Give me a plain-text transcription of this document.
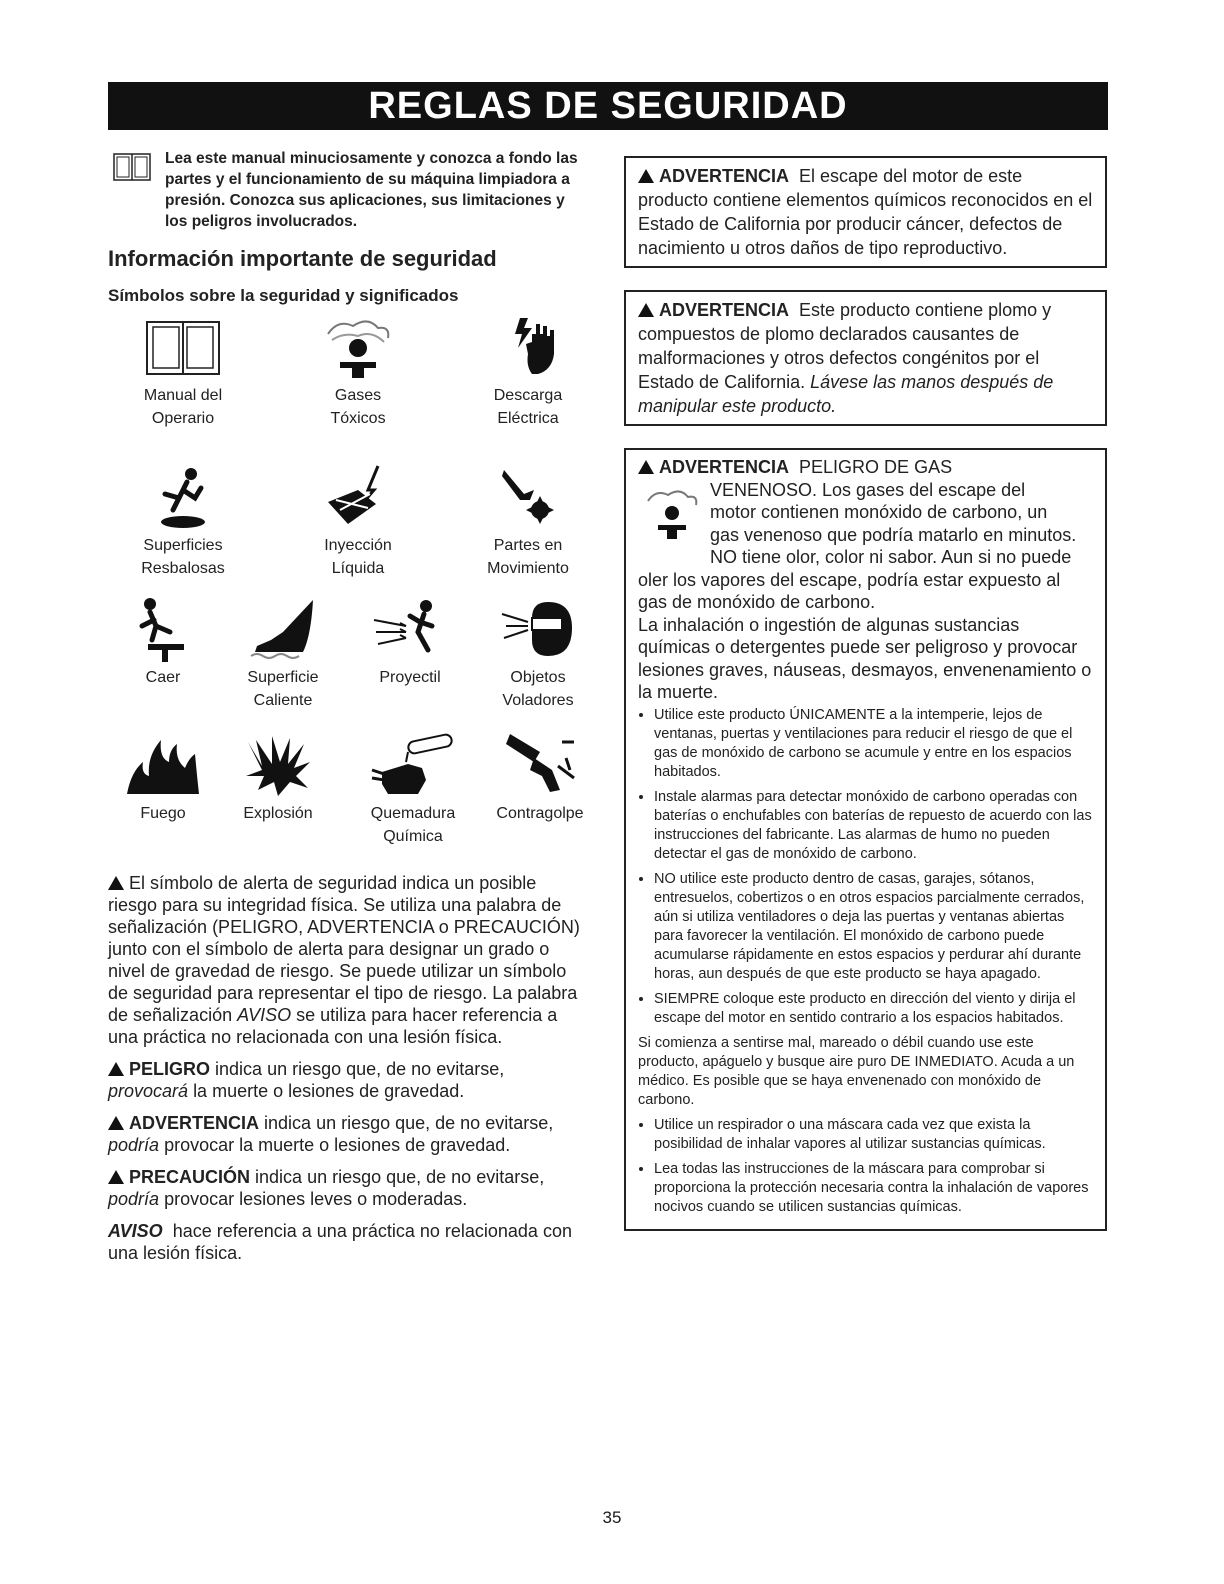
REGLAS DE SEGURIDAD
Lea este manual minuciosamente y conozca a fondo las partes y el funcionamiento de su máquina limpiadora a presión. Conozca sus aplicaciones, sus limitaciones y los peligros involucrados.
Información importante de seguridad
Símbolos sobre la seguridad y significados
Manual del
Operario
Gases
Tóxicos
Descarga
Eléctrica
Superficies
Resbalosas
Inyección
Líquida
Partes en
Movimiento
Caer	Superficie
Caliente
Proyectil	Objetos
Voladores
Fuego	Explosión	Quemadura
Química
Contragolpe

El símbolo de alerta de seguridad indica un posible riesgo para su integridad física. Se utiliza una palabra de señalización (PELIGRO, ADVERTENCIA o PRECAUCIÓN) junto con el símbolo de alerta para designar un grado o nivel de gravedad de riesgo. Se puede utilizar un símbolo de seguridad para representar el tipo de riesgo. La palabra de señalización AVISO se utiliza para hacer referencia a una práctica no relacionada con una lesión física.

PELIGRO indica un riesgo que, de no evitarse, provocará la muerte o lesiones de gravedad.

ADVERTENCIA indica un riesgo que, de no evitarse, podría provocar la muerte o lesiones de gravedad.

PRECAUCIÓN indica un riesgo que, de no evitarse, podría provocar lesiones leves o moderadas.

AVISO hace referencia a una práctica no relacionada con una lesión física.

ADVERTENCIA El escape del motor de este producto contiene elementos químicos reconocidos en el Estado de California por producir cáncer, defectos de nacimiento u otros daños de tipo reproductivo.
ADVERTENCIA Este producto contiene plomo y compuestos de plomo declarados causantes de malformaciones y otros defectos congénitos por el Estado de California. Lávese las manos después de manipular este producto.
ADVERTENCIA PELIGRO DE GAS
VENENOSO. Los gases del escape del
motor contienen monóxido de carbono, un
gas venenoso que podría matarlo en minutos.
NO tiene olor, color ni sabor. Aun si no puede
oler los vapores del escape, podría estar expuesto al gas de monóxido de carbono.
La inhalación o ingestión de algunas sustancias químicas o detergentes puede ser peligroso y provocar lesiones graves, náuseas, desmayos, envenenamiento o la muerte.
• Utilice este producto ÚNICAMENTE a la intemperie, lejos de ventanas, puertas y ventilaciones para reducir el riesgo de que el gas de monóxido de carbono se acumule y entre en los espacios habitados.
• Instale alarmas para detectar monóxido de carbono operadas con baterías o enchufables con baterías de repuesto de acuerdo con las instrucciones del fabricante. Las alarmas de humo no pueden detectar el gas de monóxido de carbono.
• NO utilice este producto dentro de casas, garajes, sótanos, entresuelos, cobertizos o en otros espacios parcialmente cerrados, aún si utiliza ventiladores o deja las puertas y ventanas abiertas para favorecer la ventilación. El monóxido de carbono puede acumularse rápidamente en estos espacios y perdurar ahí durante horas, aun después de que este producto se haya apagado.
• SIEMPRE coloque este producto en dirección del viento y dirija el escape del motor en sentido contrario a los espacios habitados.
Si comienza a sentirse mal, mareado o débil cuando use este producto, apáguelo y busque aire puro DE INMEDIATO. Acuda a un médico. Es posible que se haya envenenado con monóxido de carbono.
• Utilice un respirador o una máscara cada vez que exista la posibilidad de inhalar vapores al utilizar sustancias químicas.
• Lea todas las instrucciones de la máscara para comprobar si proporciona la protección necesaria contra la inhalación de vapores nocivos cuando se utilicen sustancias químicas.
35
